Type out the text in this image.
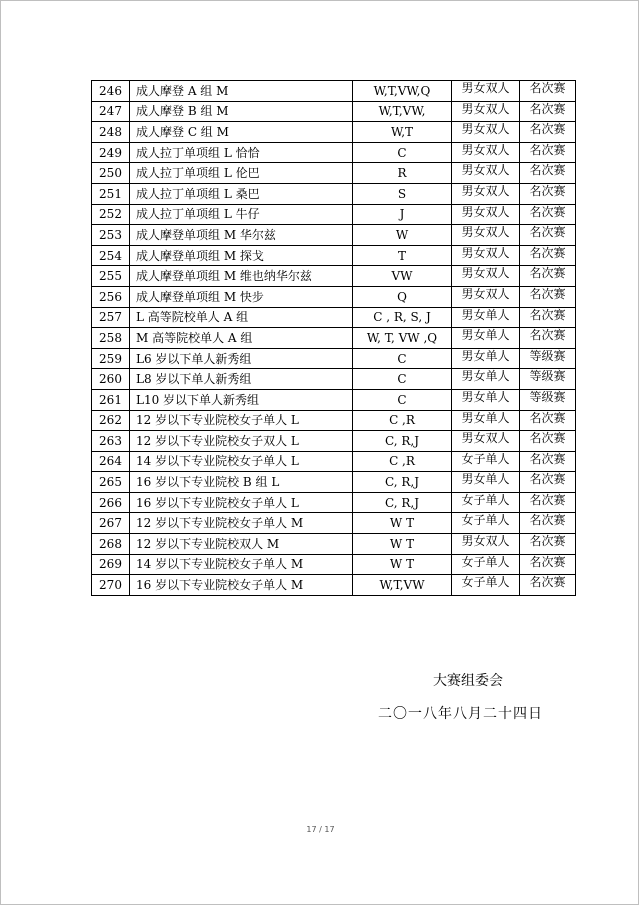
246	成人摩登 A 组 M	W,T,VW,Q	男女双人	名次赛
247	成人摩登 B 组 M	W,T,VW,	男女双人	名次赛
248	成人摩登 C 组 M	W,T	男女双人	名次赛
249	成人拉丁单项组 L 恰恰	C	男女双人	名次赛
250	成人拉丁单项组 L 伦巴	R	男女双人	名次赛
251	成人拉丁单项组 L 桑巴	S	男女双人	名次赛
252	成人拉丁单项组 L 牛仔	J	男女双人	名次赛
253	成人摩登单项组 M 华尔兹	W	男女双人	名次赛
254	成人摩登单项组 M 探戈	T	男女双人	名次赛
255	成人摩登单项组 M 维也纳华尔兹	VW	男女双人	名次赛
256	成人摩登单项组 M 快步	Q	男女双人	名次赛
257	L 高等院校单人 A 组	C , R, S, J	男女单人	名次赛
258	M 高等院校单人 A 组	W, T, VW ,Q	男女单人	名次赛
259	L6 岁以下单人新秀组	C	男女单人	等级赛
260	L8 岁以下单人新秀组	C	男女单人	等级赛
261	L10 岁以下单人新秀组	C	男女单人	等级赛
262	12 岁以下专业院校女子单人 L	C ,R	男女单人	名次赛
263	12 岁以下专业院校女子双人 L	C, R,J	男女双人	名次赛
264	14 岁以下专业院校女子单人 L	C ,R	女子单人	名次赛
265	16 岁以下专业院校 B 组 L	C, R,J	男女单人	名次赛
266	16 岁以下专业院校女子单人 L	C, R,J	女子单人	名次赛
267	12 岁以下专业院校女子单人 M	W T	女子单人	名次赛
268	12 岁以下专业院校双人 M	W T	男女双人	名次赛
269	14 岁以下专业院校女子单人 M	W T	女子单人	名次赛
270	16 岁以下专业院校女子单人 M	W,T,VW	女子单人	名次赛
大赛组委会
二〇一八年八月二十四日
17 / 17
